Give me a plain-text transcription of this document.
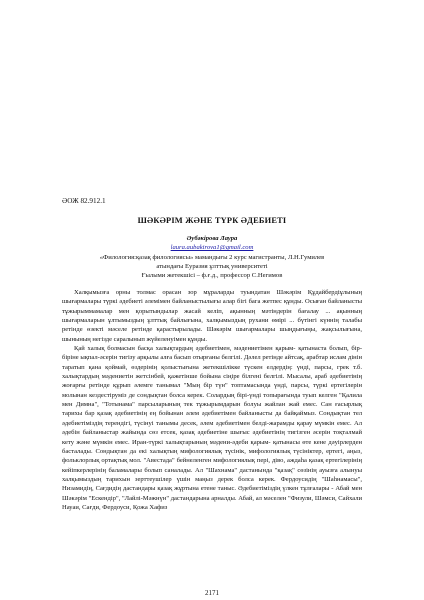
ӘОЖ 82.912.1
ШӘКӘРІМ ЖӘНЕ ТҮРК ӘДЕБИЕТІ
Әубәкірова Лаура
laura.aubakirova1@gmail.com
«Филология:қазақ филологиясы» мамандығы 2 курс магистранты, Л.Н.Гумилев
атындағы Еуразия ұлттық университеті
Ғылыми жетекшісі – ф.ғ.д., профессор С.Негимов

Халқымызға орны толмас орасан зор мұраларды туындатан Шәкәрім Құдайбердіұлының шығармалары түркі әдебиеті әлемімен байланыстылығы алар бiгi бага жетпес құнды. Осыған байланысты тұжырыммамалар мен қорытындылар жасай келіп, ақынның мәтіндерін бағалау ... ақынның шығармаларын ұлтымыздың ұлттық байлығына, халқымыздың рухани өмірі ... бүтінгі күннің талабы ретінде өзекті мәселе ретінде қарастырылады. Шәкәрім шығармалары шыңдығыңы, жақсылығына, шынының негізде саралынып жүйеленуімен құнды.

Қай халық болмасын басқа халықтардың әдебиетімен, мәдениетімен қарым- қатынаста болып, бір-біріне ықпал-әсерін тигізу арқылы алға басып отырғаны белгілі. Дәлел ретінде айтсақ, арабтар ислам дінін таратып қана қоймай, өздерінің қолыстығына жетекшілікке түскен елдердің: үнді, парсы, грек т.б. халықтардың мәдениетін жетсінбей, қажетінше бойына сіңіре білгені белгілі. Мысалы, араб әдебиетінің жоғарғы ретінде құрып әлемге танымал "Мың бір түн" топтамасында үнді, парсы, түркі ертегілерін молынан кездестіруміз де сондықтан болса керек. Солардың бірі-үнді топырағында туып келген "Қалила мен Димна", "Тотынама" парсыларының тек тұжырымдарын болуы жайлан жай емес. Сан ғасырлық тарихы бар қазақ әдебиетінің ең бойынан әлем әдебиетімен байланысты да байқаймыз. Сондықтан тел әдебиетіміздің терендігі, түсінуі танымы десек, әлем әдебиетімен белді-жарамды қарау мүмкін емес. Ал әдебін байланыстар жайында сөз етсек, қазақ әдебиетіне шығыс әдебиетінің тигізген әсерін тоқталмай кету және мүмкін емес. Иран-түркі халықтарының мәдени-әдеби қарым- қатынасы өте кене дәуірлерден басталады. Сондықтан да екі халықтың мифологиялық түсінік, мифологиялық түсініктер, ертегі, аңыз, фольклорлық ортақтық мол. "Авестада" бейнеленген мифологиялық пері, діво, аждаһа қазақ ертегілерінің кейіпкерлерінің баламалары болып саналады. Ал "Шахнама" дастанында "қазақ" сөзінің ауызға алынуы халқымыздың тарихын зерттеушілер үшін маңыз дерек болса керек. Фердоусидің "Шаһнамасы", Низамидің, Сағдидің дастандары қазақ жұртына етене таныс. Әдебиетіміздің үлкен тұлғалары - Абай мен Шәкәрім "Ескендір", "Лайлі-Мәжнүн" дастандарына арналды. Абай, ал мәселен "Физули, Шәмси, Сайхали Науаи, Сағди, Фердоуси, Қожа Хафиз

2171
